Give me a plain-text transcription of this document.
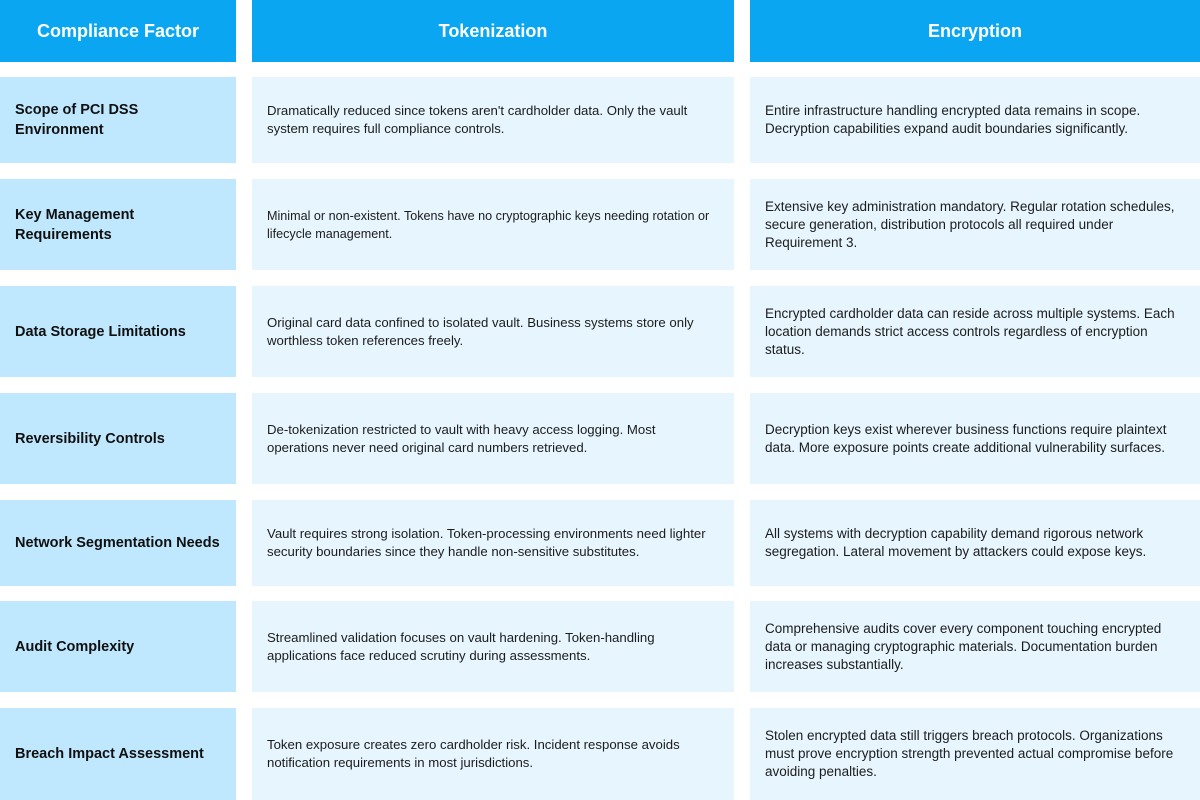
Compliance Factor	Tokenization	Encryption
Scope of PCI DSS Environment
Dramatically reduced since tokens aren't cardholder data. Only the vault system requires full compliance controls.
Entire infrastructure handling encrypted data remains in scope. Decryption capabilities expand audit boundaries significantly.
Key Management Requirements
Minimal or non-existent. Tokens have no cryptographic keys needing rotation or lifecycle management.
Extensive key administration mandatory. Regular rotation schedules, secure generation, distribution protocols all required under Requirement 3.
Data Storage Limitations
Original card data confined to isolated vault. Business systems store only worthless token references freely.
Encrypted cardholder data can reside across multiple systems. Each location demands strict access controls regardless of encryption status.
Reversibility Controls
De-tokenization restricted to vault with heavy access logging. Most operations never need original card numbers retrieved.
Decryption keys exist wherever business functions require plaintext data. More exposure points create additional vulnerability surfaces.
Network Segmentation Needs
Vault requires strong isolation. Token-processing environments need lighter security boundaries since they handle non-sensitive substitutes.
All systems with decryption capability demand rigorous network segregation. Lateral movement by attackers could expose keys.
Audit Complexity
Streamlined validation focuses on vault hardening. Token-handling applications face reduced scrutiny during assessments.
Comprehensive audits cover every component touching encrypted data or managing cryptographic materials. Documentation burden increases substantially.
Breach Impact Assessment
Token exposure creates zero cardholder risk. Incident response avoids notification requirements in most jurisdictions.
Stolen encrypted data still triggers breach protocols. Organizations must prove encryption strength prevented actual compromise before avoiding penalties.
